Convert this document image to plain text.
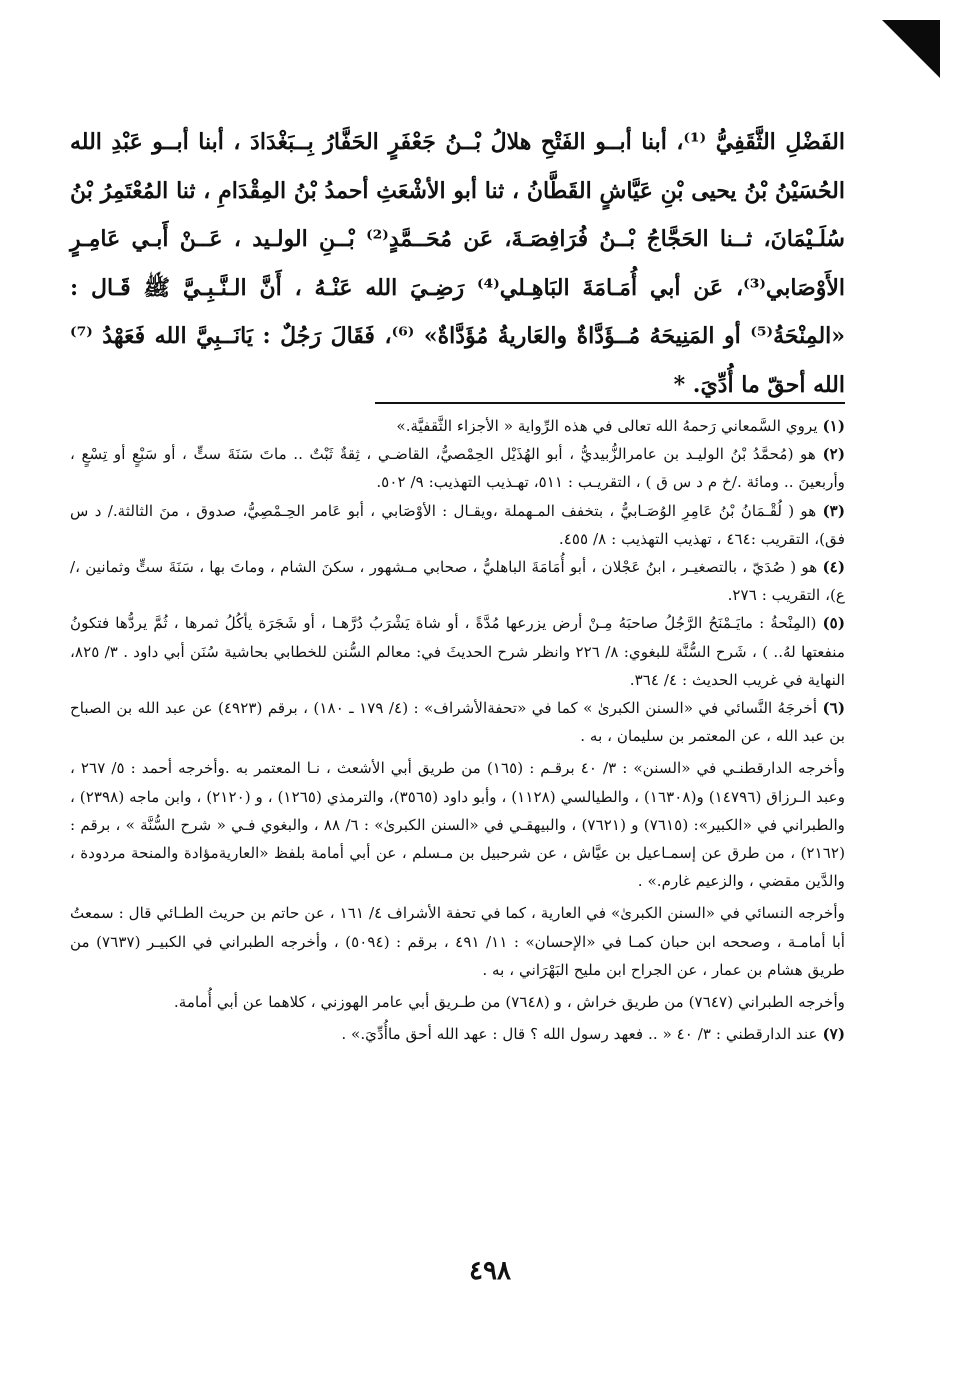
الفَضْلِ الثَّقَفِيُّ ⁽¹⁾، أبنا أبــو الفَتْحِ هلالُ بْــنُ جَعْفَرٍ الحَفَّارُ بِــبَغْدَادَ ، أبنا أبــو عَبْدِ الله الحُسَيْنُ بْنُ يحيى بْنِ عَيَّاشٍ القَطَّانُ ، ثنا أبو الأشْعَثِ أحمدُ بْنُ المِقْدَامِ ، ثنا المُعْتَمِرُ بْنُ سُلَـيْمَانَ، ثــنا الحَجَّاجُ بْــنُ فُرَافِصَـةَ، عَن مُحَــمَّدٍ⁽²⁾ بْــنِ الولـيد ، عَــنْ أَبـي عَامِـرٍ الأَوْصَابي⁽³⁾، عَن أبي أُمَـامَةَ البَاهِـلي⁽⁴⁾ رَضِـيَ الله عَنْـهُ ، أَنَّ الـنَّـبِـيَّ ﷺ قَـال : «المِنْحَةُ⁽⁵⁾ أو المَنِيحَهُ مُــؤَدَّاةٌ والعَاريةُ مُؤَدَّاةٌ» ⁽⁶⁾، فَقَالَ رَجُلٌ : يَانَــبِيَّ الله فَعَهْدُ ⁽⁷⁾ الله أحقّ ما أُدِّيَ. *

(١) يروي السَّمعاني رَحمهُ الله تعالى في هذه الرِّواية « الأجزاء الثَّقفيَّة.»

(٢) هو (مُحمَّدُ بْنُ الوليـد بن عامرالزُّبيديُّ ، أبو الهُذَيْل الحِمْصيُّ، القاضـي ، ثِقةٌ ثَبْتٌ .. ماتَ سَنَةَ ستٍّ ، أو سَبْعٍ أو تِسْعٍ ، وأربعينَ .. ومائة ./خ م د س ق ) ، التقريـب : ٥١١، تهـذيب التهذيب: ٩/ ٥٠٢.

(٣) هو ( لُقْـمَانُ بْنُ عَامِرِ الوُصَـابيُّ ، بتخفف المـهملة ،ويقـال : الأوْصَابي ، أبو عَامر الحِـمْصِيُّ، صدوق ، منَ الثالثة./ د س فق)، التقريب :٤٦٤ ، تهذيب التهذيب : ٨/ ٤٥٥.

(٤) هو ( صُدَيّ ، بالتصغيـر ، ابنُ عَجْلان ، أبو أُمَامَةَ الباهليُّ ، صحابي مـشهور ، سكنَ الشام ، وماتَ بها ، سَنَةَ ستٍّ وثمانين ،/ع)، التقريب : ٢٧٦.

(٥) (المِنْحةُ : مايَـمْنَحُ الرَّجُلُ صاحبَهُ مِـنْ أرض يزرعها مُدَّةً ، أو شاة يَشْرَبُ دُرَّهـا ، أو شَجَرَة يأكُلُ ثمرها ، ثُمَّ يردُّها فتكونُ منفعتها لهُ.. ) ، شَرح السُّنَّة للبغوي: ٨/ ٢٢٦ وانظر شرح الحديثَ في: معالم السُّنن للخطابي بحاشية سُنَن أبي داود . ٣/ ٨٢٥، النهاية في غريب الحديث : ٤/ ٣٦٤.

(٦) أخرجَهُ النَّسائي في «السنن الكبرىٰ » كما في «تحفةالأشراف» : (٤/ ١٧٩ ـ ١٨٠) ، برقم (٤٩٢٣) عن عبد الله بن الصباح بن عبد الله ، عن المعتمر بن سليمان ، به .

وأخرجه الدارقطنـي في «السنن» : ٣/ ٤٠ برقـم : (١٦٥) من طريق أبي الأشعث ، نـا المعتمر به .وأخرجه أحمد : ٥/ ٢٦٧ ، وعبد الـرزاق (١٤٧٩٦) و(١٦٣٠٨) ، والطيالسي (١١٢٨) ، وأبو داود (٣٥٦٥)، والترمذي (١٢٦٥) ، و (٢١٢٠) ، وابن ماجه (٢٣٩٨) ، والطبراني في «الكبير»: (٧٦١٥) و (٧٦٢١) ، والبيهقـي في «السنن الكبرىٰ» : ٦/ ٨٨ ، والبغوي فـي « شرح السُّنَّة » ، برقم : (٢١٦٢) ، من طرق عن إسمـاعيل بن عيَّاش ، عن شرحبيل بن مـسلم ، عن أبي أمامة بلفظ «العاريةمؤادة والمنحة مردودة ، والدَّين مقضي ، والزعيم غارم.» .

وأخرجه النسائي في «السنن الكبرىٰ» في العارية ، كما في تحفة الأشراف ٤/ ١٦١ ، عن حاتم بن حريث الطـائي قال : سمعتُ أبا أمامـة ، وصححه ابن حبان كمـا في «الإحسان» : ١١/ ٤٩١ ، برقم : (٥٠٩٤) ، وأخرجه الطبراني في الكبيـر (٧٦٣٧) من طريق هشام بن عمار ، عن الجراح ابن مليح البَهْرَاني ، به .

وأخرجه الطبراني (٧٦٤٧) من طريق خراش ، و (٧٦٤٨) من طـريق أبي عامر الهوزني ، كلاهما عن أبي أُمامة.

(٧) عند الدارقطني : ٣/ ٤٠ « .. فعهد رسول الله ؟ قال : عهد الله أحق ماأُدِّيَ.» .

٤٩٨
